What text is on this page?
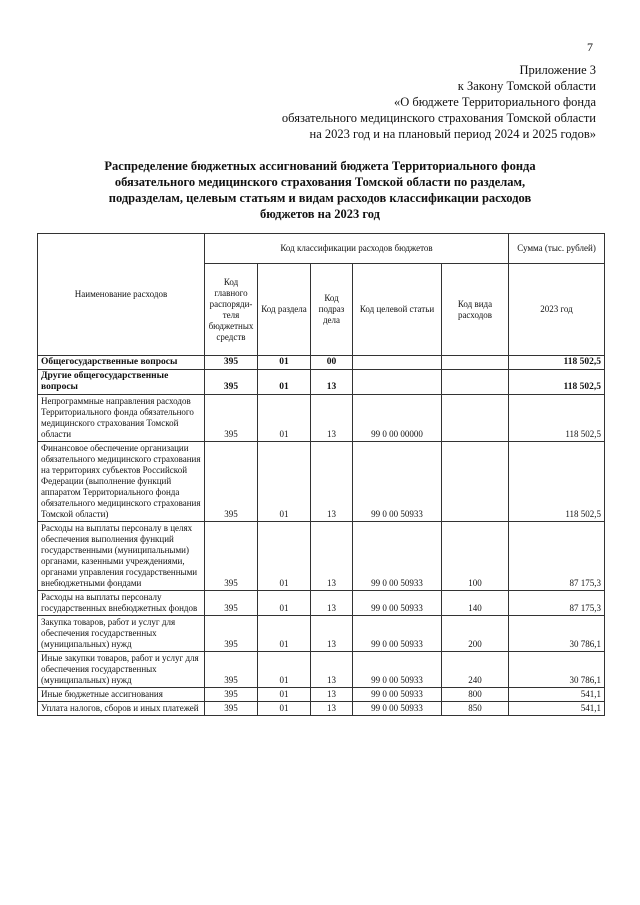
7
Приложение 3
к Закону Томской области
«О бюджете Территориального фонда
обязательного медицинского страхования Томской области
на 2023 год и на плановый период 2024 и 2025 годов»
Распределение бюджетных ассигнований бюджета Территориального фонда
обязательного медицинского страхования Томской области по разделам,
подразделам, целевым статьям и видам расходов классификации расходов
бюджетов на 2023 год
Наименование расходов	Код классификации расходов бюджетов					Сумма (тыс. рублей)
	Код главного распоряди-теля бюджетных средств	Код раздела	Код подраз дела	Код целевой статьи	Код вида расходов	2023 год
Общегосударственные вопросы	395	01	00			118 502,5
Другие общегосударственные вопросы	395	01	13			118 502,5
Непрограммные направления расходов Территориального фонда обязательного медицинского страхования Томской области	395	01	13	99 0 00 00000		118 502,5
Финансовое обеспечение организации обязательного медицинского страхования на территориях субъектов Российской Федерации (выполнение функций аппаратом Территориального фонда обязательного медицинского страхования Томской области)	395	01	13	99 0 00 50933		118 502,5
Расходы на выплаты персоналу в целях обеспечения выполнения функций государственными (муниципальными) органами, казенными учреждениями, органами управления государственными внебюджетными фондами	395	01	13	99 0 00 50933	100	87 175,3
Расходы на выплаты персоналу государственных внебюджетных фондов	395	01	13	99 0 00 50933	140	87 175,3
Закупка товаров, работ и услуг для обеспечения государственных (муниципальных) нужд	395	01	13	99 0 00 50933	200	30 786,1
Иные закупки товаров, работ и услуг для обеспечения государственных (муниципальных) нужд	395	01	13	99 0 00 50933	240	30 786,1
Иные бюджетные ассигнования	395	01	13	99 0 00 50933	800	541,1
Уплата налогов, сборов и иных платежей	395	01	13	99 0 00 50933	850	541,1
